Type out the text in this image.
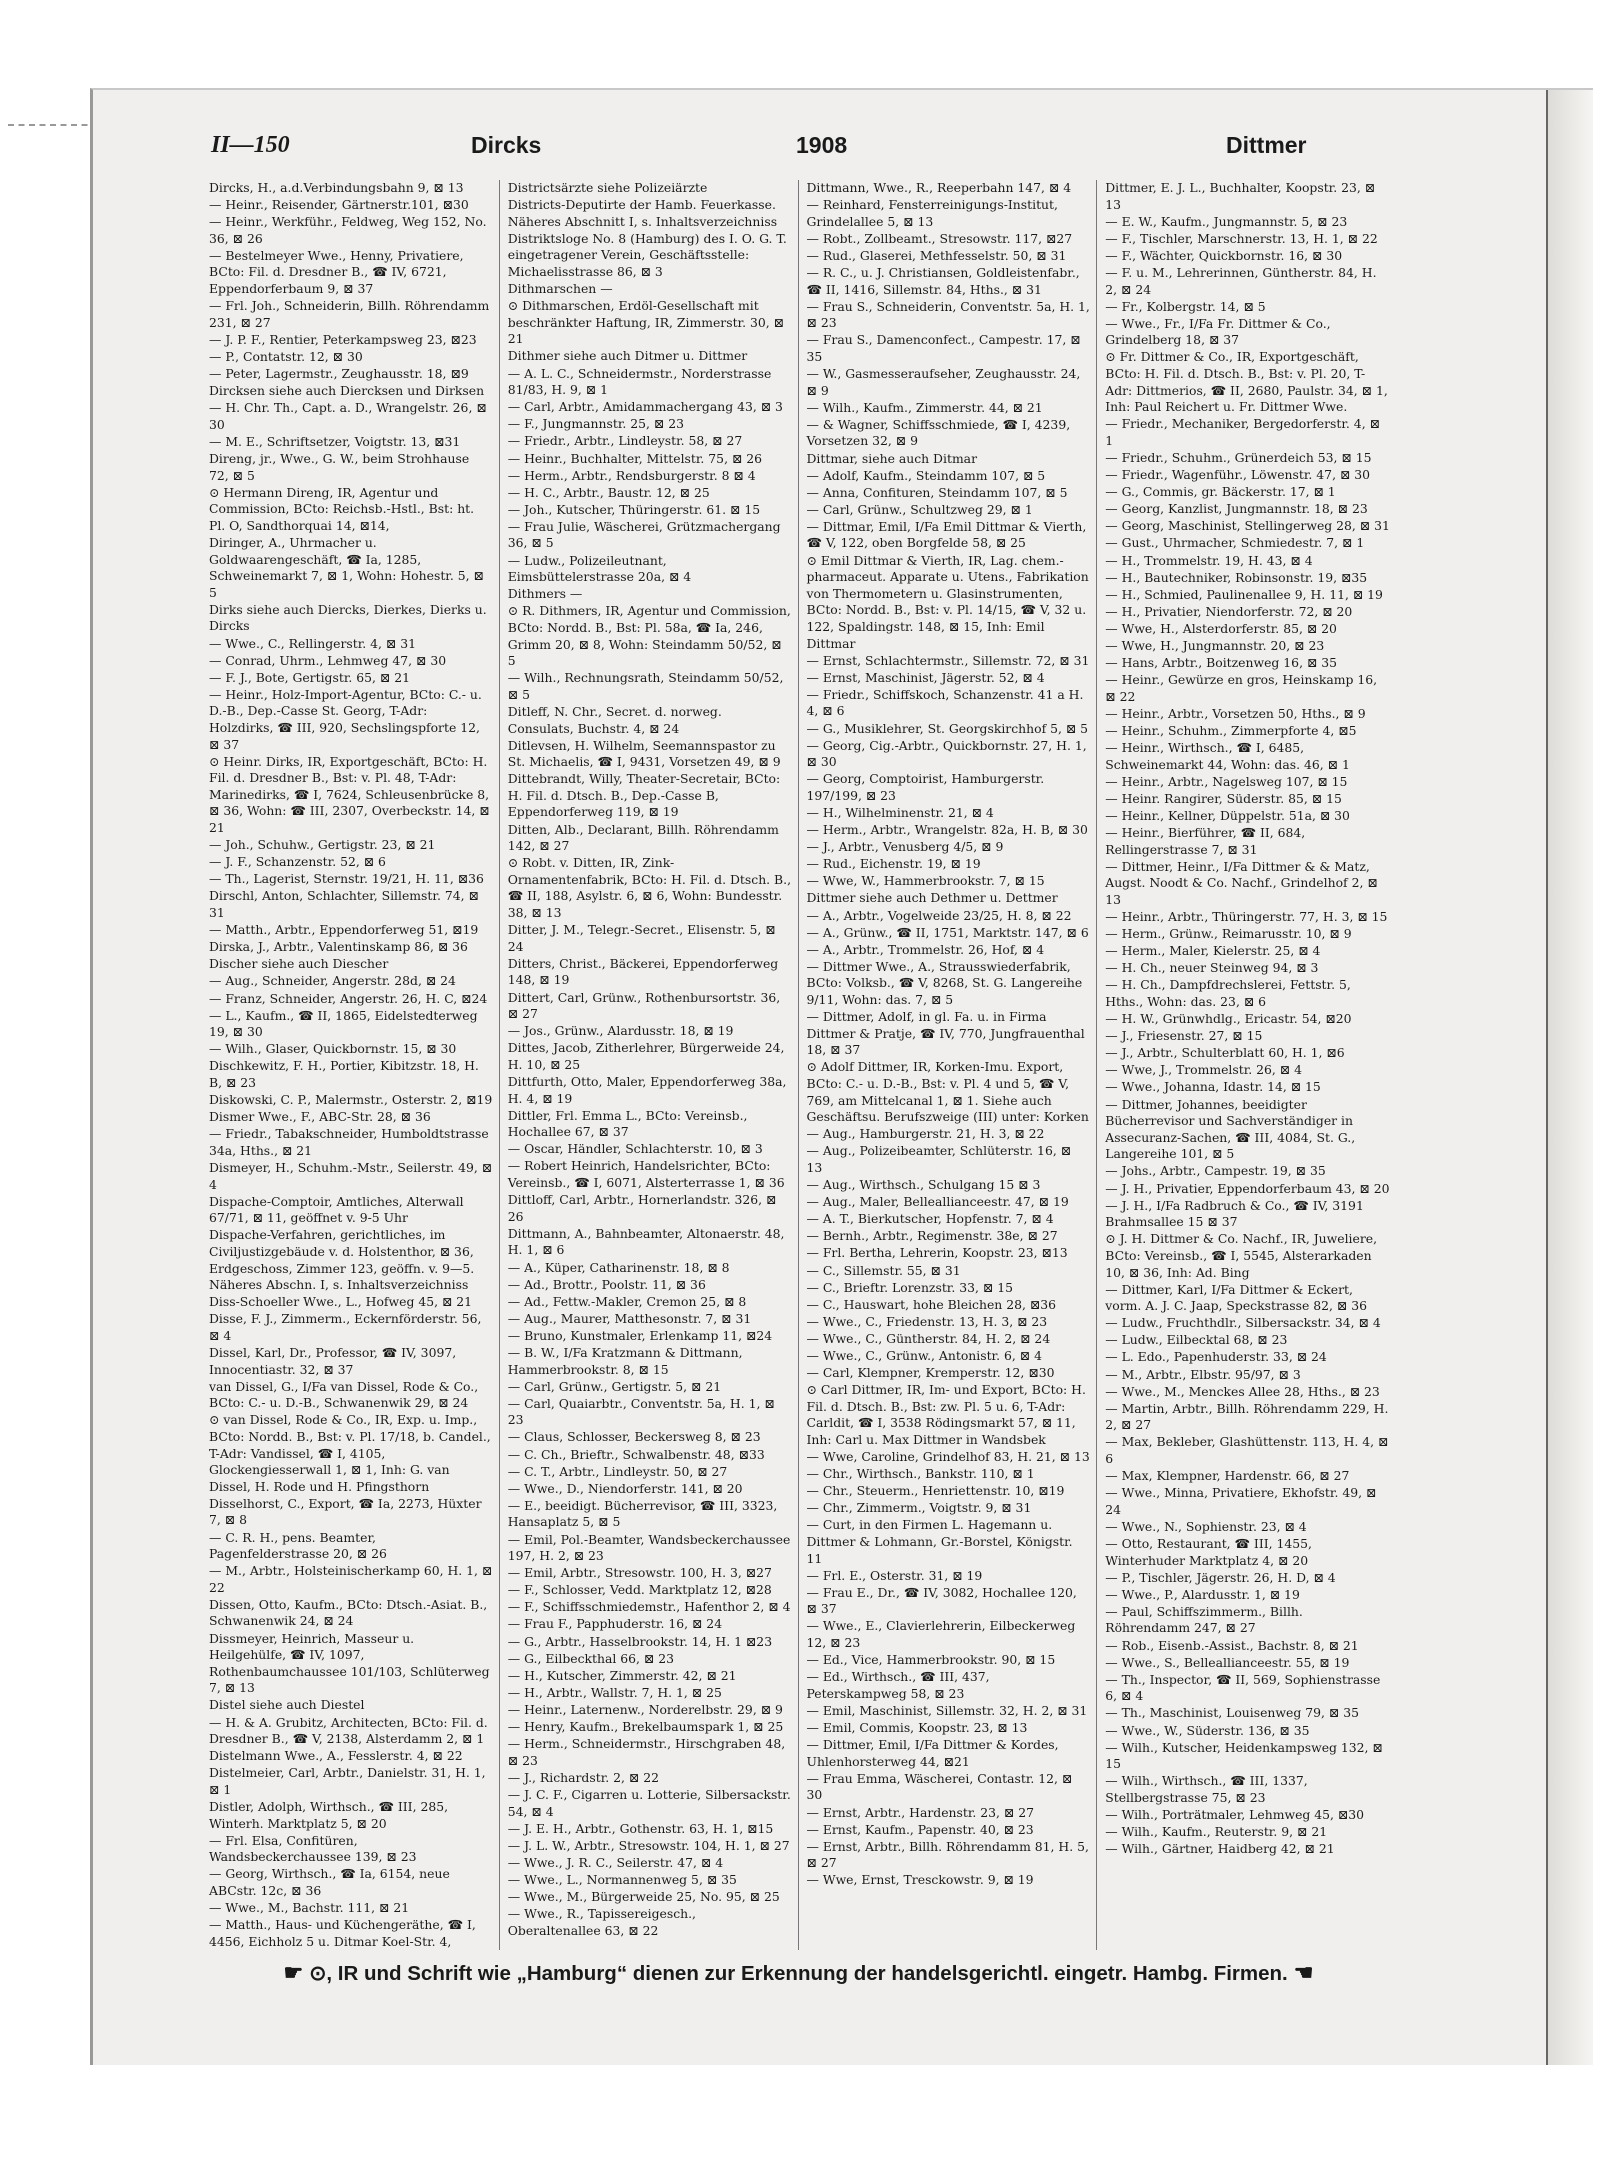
II—150	Dircks	1908	Dittmer
Dircks, H., a.d.Verbindungsbahn 9, ⊠ 13
— Heinr., Reisender, Gärtnerstr.101, ⊠30
— Heinr., Werkführ., Feldweg, Weg 152, No. 36, ⊠ 26
— Bestelmeyer Wwe., Henny, Privatiere, BCto: Fil. d. Dresdner B., ☎ IV, 6721, Eppendorferbaum 9, ⊠ 37
— Frl. Joh., Schneiderin, Billh. Röhrendamm 231, ⊠ 27
— J. P. F., Rentier, Peterkampsweg 23, ⊠23
— P., Contatstr. 12, ⊠ 30
— Peter, Lagermstr., Zeughausstr. 18, ⊠9
Dircksen siehe auch Diercksen und Dirksen
— H. Chr. Th., Capt. a. D., Wrangelstr. 26, ⊠ 30
— M. E., Schriftsetzer, Voigtstr. 13, ⊠31
Direng, jr., Wwe., G. W., beim Strohhause 72, ⊠ 5
⊙ Hermann Direng, IR, Agentur und Commission, BCto: Reichsb.-Hstl., Bst: ht. Pl. O, Sandthorquai 14, ⊠14,
Diringer, A., Uhrmacher u. Goldwaarengeschäft, ☎ Ia, 1285, Schweinemarkt 7, ⊠ 1, Wohn: Hohestr. 5, ⊠ 5
Dirks siehe auch Diercks, Dierkes, Dierks u. Dircks
— Wwe., C., Rellingerstr. 4, ⊠ 31
— Conrad, Uhrm., Lehmweg 47, ⊠ 30
— F. J., Bote, Gertigstr. 65, ⊠ 21
— Heinr., Holz-Import-Agentur, BCto: C.- u. D.-B., Dep.-Casse St. Georg, T-Adr: Holzdirks, ☎ III, 920, Sechslingspforte 12, ⊠ 37
⊙ Heinr. Dirks, IR, Exportgeschäft, BCto: H. Fil. d. Dresdner B., Bst: v. Pl. 48, T-Adr: Marinedirks, ☎ I, 7624, Schleusenbrücke 8, ⊠ 36, Wohn: ☎ III, 2307, Overbeckstr. 14, ⊠ 21
— Joh., Schuhw., Gertigstr. 23, ⊠ 21
— J. F., Schanzenstr. 52, ⊠ 6
— Th., Lagerist, Sternstr. 19/21, H. 11, ⊠36
Dirschl, Anton, Schlachter, Sillemstr. 74, ⊠ 31
— Matth., Arbtr., Eppendorferweg 51, ⊠19
Dirska, J., Arbtr., Valentinskamp 86, ⊠ 36
Discher siehe auch Diescher
— Aug., Schneider, Angerstr. 28d, ⊠ 24
— Franz, Schneider, Angerstr. 26, H. C, ⊠24
— L., Kaufm., ☎ II, 1865, Eidelstedterweg 19, ⊠ 30
— Wilh., Glaser, Quickbornstr. 15, ⊠ 30
Dischkewitz, F. H., Portier, Kibitzstr. 18, H. B, ⊠ 23
Diskowski, C. P., Malermstr., Osterstr. 2, ⊠19
Dismer Wwe., F., ABC-Str. 28, ⊠ 36
— Friedr., Tabakschneider, Humboldtstrasse 34a, Hths., ⊠ 21
Dismeyer, H., Schuhm.-Mstr., Seilerstr. 49, ⊠ 4
Dispache-Comptoir, Amtliches, Alterwall 67/71, ⊠ 11, geöffnet v. 9-5 Uhr
Dispache-Verfahren, gerichtliches, im Civiljustizgebäude v. d. Holstenthor, ⊠ 36, Erdgeschoss, Zimmer 123, geöffn. v. 9—5. Näheres Abschn. I, s. Inhaltsverzeichniss
Diss-Schoeller Wwe., L., Hofweg 45, ⊠ 21
Disse, F. J., Zimmerm., Eckernförderstr. 56, ⊠ 4
Dissel, Karl, Dr., Professor, ☎ IV, 3097, Innocentiastr. 32, ⊠ 37
van Dissel, G., I/Fa van Dissel, Rode & Co., BCto: C.- u. D.-B., Schwanenwik 29, ⊠ 24
⊙ van Dissel, Rode & Co., IR, Exp. u. Imp., BCto: Nordd. B., Bst: v. Pl. 17/18, b. Candel., T-Adr: Vandissel, ☎ I, 4105, Glockengiesserwall 1, ⊠ 1, Inh: G. van Dissel, H. Rode und H. Pfingsthorn
Disselhorst, C., Export, ☎ Ia, 2273, Hüxter 7, ⊠ 8
— C. R. H., pens. Beamter, Pagenfelderstrasse 20, ⊠ 26
— M., Arbtr., Holsteinischerkamp 60, H. 1, ⊠ 22
Dissen, Otto, Kaufm., BCto: Dtsch.-Asiat. B., Schwanenwik 24, ⊠ 24
Dissmeyer, Heinrich, Masseur u. Heilgehülfe, ☎ IV, 1097, Rothenbaumchaussee 101/103, Schlüterweg 7, ⊠ 13
Distel siehe auch Diestel
— H. & A. Grubitz, Architecten, BCto: Fil. d. Dresdner B., ☎ V, 2138, Alsterdamm 2, ⊠ 1
Distelmann Wwe., A., Fesslerstr. 4, ⊠ 22
Distelmeier, Carl, Arbtr., Danielstr. 31, H. 1, ⊠ 1
Distler, Adolph, Wirthsch., ☎ III, 285, Winterh. Marktplatz 5, ⊠ 20
— Frl. Elsa, Confitüren, Wandsbeckerchaussee 139, ⊠ 23
— Georg, Wirthsch., ☎ Ia, 6154, neue ABCstr. 12c, ⊠ 36
— Wwe., M., Bachstr. 111, ⊠ 21
— Matth., Haus- und Küchengeräthe, ☎ I, 4456, Eichholz 5 u. Ditmar Koel-Str. 4,
Districtsärzte siehe Polizeiärzte
Districts-Deputirte der Hamb. Feuerkasse. Näheres Abschnitt I, s. Inhaltsverzeichniss
Distriktsloge No. 8 (Hamburg) des I. O. G. T. eingetragener Verein, Geschäftsstelle: Michaelisstrasse 86, ⊠ 3
Dithmarschen —
⊙ Dithmarschen, Erdöl-Gesellschaft mit beschränkter Haftung, IR, Zimmerstr. 30, ⊠ 21
Dithmer siehe auch Ditmer u. Dittmer
— A. L. C., Schneidermstr., Norderstrasse 81/83, H. 9, ⊠ 1
— Carl, Arbtr., Amidammachergang 43, ⊠ 3
— F., Jungmannstr. 25, ⊠ 23
— Friedr., Arbtr., Lindleystr. 58, ⊠ 27
— Heinr., Buchhalter, Mittelstr. 75, ⊠ 26
— Herm., Arbtr., Rendsburgerstr. 8 ⊠ 4
— H. C., Arbtr., Baustr. 12, ⊠ 25
— Joh., Kutscher, Thüringerstr. 61. ⊠ 15
— Frau Julie, Wäscherei, Grützmachergang 36, ⊠ 5
— Ludw., Polizeileutnant, Eimsbüttelerstrasse 20a, ⊠ 4
Dithmers —
⊙ R. Dithmers, IR, Agentur und Commission, BCto: Nordd. B., Bst: Pl. 58a, ☎ Ia, 246, Grimm 20, ⊠ 8, Wohn: Steindamm 50/52, ⊠ 5
— Wilh., Rechnungsrath, Steindamm 50/52, ⊠ 5
Ditleff, N. Chr., Secret. d. norweg. Consulats, Buchstr. 4, ⊠ 24
Ditlevsen, H. Wilhelm, Seemannspastor zu St. Michaelis, ☎ I, 9431, Vorsetzen 49, ⊠ 9
Dittebrandt, Willy, Theater-Secretair, BCto: H. Fil. d. Dtsch. B., Dep.-Casse B, Eppendorferweg 119, ⊠ 19
Ditten, Alb., Declarant, Billh. Röhrendamm 142, ⊠ 27
⊙ Robt. v. Ditten, IR, Zink-Ornamentenfabrik, BCto: H. Fil. d. Dtsch. B., ☎ II, 188, Asylstr. 6, ⊠ 6, Wohn: Bundesstr. 38, ⊠ 13
Ditter, J. M., Telegr.-Secret., Elisenstr. 5, ⊠ 24
Ditters, Christ., Bäckerei, Eppendorferweg 148, ⊠ 19
Dittert, Carl, Grünw., Rothenbursortstr. 36, ⊠ 27
— Jos., Grünw., Alardusstr. 18, ⊠ 19
Dittes, Jacob, Zitherlehrer, Bürgerweide 24, H. 10, ⊠ 25
Dittfurth, Otto, Maler, Eppendorferweg 38a, H. 4, ⊠ 19
Dittler, Frl. Emma L., BCto: Vereinsb., Hochallee 67, ⊠ 37
— Oscar, Händler, Schlachterstr. 10, ⊠ 3
— Robert Heinrich, Handelsrichter, BCto: Vereinsb., ☎ I, 6071, Alsterterrasse 1, ⊠ 36
Dittloff, Carl, Arbtr., Hornerlandstr. 326, ⊠ 26
Dittmann, A., Bahnbeamter, Altonaerstr. 48, H. 1, ⊠ 6
— A., Küper, Catharinenstr. 18, ⊠ 8
— Ad., Brottr., Poolstr. 11, ⊠ 36
— Ad., Fettw.-Makler, Cremon 25, ⊠ 8
— Aug., Maurer, Matthesonstr. 7, ⊠ 31
— Bruno, Kunstmaler, Erlenkamp 11, ⊠24
— B. W., I/Fa Kratzmann & Dittmann, Hammerbrookstr. 8, ⊠ 15
— Carl, Grünw., Gertigstr. 5, ⊠ 21
— Carl, Quaiarbtr., Conventstr. 5a, H. 1, ⊠ 23
— Claus, Schlosser, Beckersweg 8, ⊠ 23
— C. Ch., Brieftr., Schwalbenstr. 48, ⊠33
— C. T., Arbtr., Lindleystr. 50, ⊠ 27
— Wwe., D., Niendorferstr. 141, ⊠ 20
— E., beeidigt. Bücherrevisor, ☎ III, 3323, Hansaplatz 5, ⊠ 5
— Emil, Pol.-Beamter, Wandsbeckerchaussee 197, H. 2, ⊠ 23
— Emil, Arbtr., Stresowstr. 100, H. 3, ⊠27
— F., Schlosser, Vedd. Marktplatz 12, ⊠28
— F., Schiffsschmiedemstr., Hafenthor 2, ⊠ 4
— Frau F., Papphuderstr. 16, ⊠ 24
— G., Arbtr., Hasselbrookstr. 14, H. 1 ⊠23
— G., Eilbeckthal 66, ⊠ 23
— H., Kutscher, Zimmerstr. 42, ⊠ 21
— H., Arbtr., Wallstr. 7, H. 1, ⊠ 25
— Heinr., Laternenw., Norderelbstr. 29, ⊠ 9
— Henry, Kaufm., Brekelbaumspark 1, ⊠ 25
— Herm., Schneidermstr., Hirschgraben 48, ⊠ 23
— J., Richardstr. 2, ⊠ 22
— J. C. F., Cigarren u. Lotterie, Silbersackstr. 54, ⊠ 4
— J. E. H., Arbtr., Gothenstr. 63, H. 1, ⊠15
— J. L. W., Arbtr., Stresowstr. 104, H. 1, ⊠ 27
— Wwe., J. R. C., Seilerstr. 47, ⊠ 4
— Wwe., L., Normannenweg 5, ⊠ 35
— Wwe., M., Bürgerweide 25, No. 95, ⊠ 25
— Wwe., R., Tapissereigesch., Oberaltenallee 63, ⊠ 22
Dittmann, Wwe., R., Reeperbahn 147, ⊠ 4
— Reinhard, Fensterreinigungs-Institut, Grindelallee 5, ⊠ 13
— Robt., Zollbeamt., Stresowstr. 117, ⊠27
— Rud., Glaserei, Methfesselstr. 50, ⊠ 31
— R. C., u. J. Christiansen, Goldleistenfabr., ☎ II, 1416, Sillemstr. 84, Hths., ⊠ 31
— Frau S., Schneiderin, Conventstr. 5a, H. 1, ⊠ 23
— Frau S., Damenconfect., Campestr. 17, ⊠ 35
— W., Gasmesseraufseher, Zeughausstr. 24, ⊠ 9
— Wilh., Kaufm., Zimmerstr. 44, ⊠ 21
— & Wagner, Schiffsschmiede, ☎ I, 4239, Vorsetzen 32, ⊠ 9
Dittmar, siehe auch Ditmar
— Adolf, Kaufm., Steindamm 107, ⊠ 5
— Anna, Confituren, Steindamm 107, ⊠ 5
— Carl, Grünw., Schultzweg 29, ⊠ 1
— Dittmar, Emil, I/Fa Emil Dittmar & Vierth, ☎ V, 122, oben Borgfelde 58, ⊠ 25
⊙ Emil Dittmar & Vierth, IR, Lag. chem.-pharmaceut. Apparate u. Utens., Fabrikation von Thermometern u. Glasinstrumenten, BCto: Nordd. B., Bst: v. Pl. 14/15, ☎ V, 32 u. 122, Spaldingstr. 148, ⊠ 15, Inh: Emil Dittmar
— Ernst, Schlachtermstr., Sillemstr. 72, ⊠ 31
— Ernst, Maschinist, Jägerstr. 52, ⊠ 4
— Friedr., Schiffskoch, Schanzenstr. 41 a H. 4, ⊠ 6
— G., Musiklehrer, St. Georgskirchhof 5, ⊠ 5
— Georg, Cig.-Arbtr., Quickbornstr. 27, H. 1, ⊠ 30
— Georg, Comptoirist, Hamburgerstr. 197/199, ⊠ 23
— H., Wilhelminenstr. 21, ⊠ 4
— Herm., Arbtr., Wrangelstr. 82a, H. B, ⊠ 30
— J., Arbtr., Venusberg 4/5, ⊠ 9
— Rud., Eichenstr. 19, ⊠ 19
— Wwe, W., Hammerbrookstr. 7, ⊠ 15
Dittmer siehe auch Dethmer u. Dettmer
— A., Arbtr., Vogelweide 23/25, H. 8, ⊠ 22
— A., Grünw., ☎ II, 1751, Marktstr. 147, ⊠ 6
— A., Arbtr., Trommelstr. 26, Hof, ⊠ 4
— Dittmer Wwe., A., Strausswiederfabrik, BCto: Volksb., ☎ V, 8268, St. G. Langereihe 9/11, Wohn: das. 7, ⊠ 5
— Dittmer, Adolf, in gl. Fa. u. in Firma Dittmer & Pratje, ☎ IV, 770, Jungfrauenthal 18, ⊠ 37
⊙ Adolf Dittmer, IR, Korken-Imu. Export, BCto: C.- u. D.-B., Bst: v. Pl. 4 und 5, ☎ V, 769, am Mittelcanal 1, ⊠ 1. Siehe auch Geschäftsu. Berufszweige (III) unter: Korken
— Aug., Hamburgerstr. 21, H. 3, ⊠ 22
— Aug., Polizeibeamter, Schlüterstr. 16, ⊠ 13
— Aug., Wirthsch., Schulgang 15 ⊠ 3
— Aug., Maler, Belleallianceestr. 47, ⊠ 19
— A. T., Bierkutscher, Hopfenstr. 7, ⊠ 4
— Bernh., Arbtr., Regimenstr. 38e, ⊠ 27
— Frl. Bertha, Lehrerin, Koopstr. 23, ⊠13
— C., Sillemstr. 55, ⊠ 31
— C., Brieftr. Lorenzstr. 33, ⊠ 15
— C., Hauswart, hohe Bleichen 28, ⊠36
— Wwe., C., Friedenstr. 13, H. 3, ⊠ 23
— Wwe., C., Güntherstr. 84, H. 2, ⊠ 24
— Wwe., C., Grünw., Antonistr. 6, ⊠ 4
— Carl, Klempner, Kremperstr. 12, ⊠30
⊙ Carl Dittmer, IR, Im- und Export, BCto: H. Fil. d. Dtsch. B., Bst: zw. Pl. 5 u. 6, T-Adr: Carldit, ☎ I, 3538 Rödingsmarkt 57, ⊠ 11, Inh: Carl u. Max Dittmer in Wandsbek
— Wwe, Caroline, Grindelhof 83, H. 21, ⊠ 13
— Chr., Wirthsch., Bankstr. 110, ⊠ 1
— Chr., Steuerm., Henriettenstr. 10, ⊠19
— Chr., Zimmerm., Voigtstr. 9, ⊠ 31
— Curt, in den Firmen L. Hagemann u. Dittmer & Lohmann, Gr.-Borstel, Königstr. 11
— Frl. E., Osterstr. 31, ⊠ 19
— Frau E., Dr., ☎ IV, 3082, Hochallee 120, ⊠ 37
— Wwe., E., Clavierlehrerin, Eilbeckerweg 12, ⊠ 23
— Ed., Vice, Hammerbrookstr. 90, ⊠ 15
— Ed., Wirthsch., ☎ III, 437, Peterskampweg 58, ⊠ 23
— Emil, Maschinist, Sillemstr. 32, H. 2, ⊠ 31
— Emil, Commis, Koopstr. 23, ⊠ 13
— Dittmer, Emil, I/Fa Dittmer & Kordes, Uhlenhorsterweg 44, ⊠21
— Frau Emma, Wäscherei, Contastr. 12, ⊠ 30
— Ernst, Arbtr., Hardenstr. 23, ⊠ 27
— Ernst, Kaufm., Papenstr. 40, ⊠ 23
— Ernst, Arbtr., Billh. Röhrendamm 81, H. 5, ⊠ 27
— Wwe, Ernst, Tresckowstr. 9, ⊠ 19
Dittmer, E. J. L., Buchhalter, Koopstr. 23, ⊠ 13
— E. W., Kaufm., Jungmannstr. 5, ⊠ 23
— F., Tischler, Marschnerstr. 13, H. 1, ⊠ 22
— F., Wächter, Quickbornstr. 16, ⊠ 30
— F. u. M., Lehrerinnen, Güntherstr. 84, H. 2, ⊠ 24
— Fr., Kolbergstr. 14, ⊠ 5
— Wwe., Fr., I/Fa Fr. Dittmer & Co., Grindelberg 18, ⊠ 37
⊙ Fr. Dittmer & Co., IR, Exportgeschäft, BCto: H. Fil. d. Dtsch. B., Bst: v. Pl. 20, T-Adr: Dittmerios, ☎ II, 2680, Paulstr. 34, ⊠ 1, Inh: Paul Reichert u. Fr. Dittmer Wwe.
— Friedr., Mechaniker, Bergedorferstr. 4, ⊠ 1
— Friedr., Schuhm., Grünerdeich 53, ⊠ 15
— Friedr., Wagenführ., Löwenstr. 47, ⊠ 30
— G., Commis, gr. Bäckerstr. 17, ⊠ 1
— Georg, Kanzlist, Jungmannstr. 18, ⊠ 23
— Georg, Maschinist, Stellingerweg 28, ⊠ 31
— Gust., Uhrmacher, Schmiedestr. 7, ⊠ 1
— H., Trommelstr. 19, H. 43, ⊠ 4
— H., Bautechniker, Robinsonstr. 19, ⊠35
— H., Schmied, Paulinenallee 9, H. 11, ⊠ 19
— H., Privatier, Niendorferstr. 72, ⊠ 20
— Wwe, H., Alsterdorferstr. 85, ⊠ 20
— Wwe, H., Jungmannstr. 20, ⊠ 23
— Hans, Arbtr., Boitzenweg 16, ⊠ 35
— Heinr., Gewürze en gros, Heinskamp 16, ⊠ 22
— Heinr., Arbtr., Vorsetzen 50, Hths., ⊠ 9
— Heinr., Schuhm., Zimmerpforte 4, ⊠5
— Heinr., Wirthsch., ☎ I, 6485, Schweinemarkt 44, Wohn: das. 46, ⊠ 1
— Heinr., Arbtr., Nagelsweg 107, ⊠ 15
— Heinr. Rangirer, Süderstr. 85, ⊠ 15
— Heinr., Kellner, Düppelstr. 51a, ⊠ 30
— Heinr., Bierführer, ☎ II, 684, Rellingerstrasse 7, ⊠ 31
— Dittmer, Heinr., I/Fa Dittmer & & Matz, Augst. Noodt & Co. Nachf., Grindelhof 2, ⊠ 13
— Heinr., Arbtr., Thüringerstr. 77, H. 3, ⊠ 15
— Herm., Grünw., Reimarusstr. 10, ⊠ 9
— Herm., Maler, Kielerstr. 25, ⊠ 4
— H. Ch., neuer Steinweg 94, ⊠ 3
— H. Ch., Dampfdrechslerei, Fettstr. 5, Hths., Wohn: das. 23, ⊠ 6
— H. W., Grünwhdlg., Ericastr. 54, ⊠20
— J., Friesenstr. 27, ⊠ 15
— J., Arbtr., Schulterblatt 60, H. 1, ⊠6
— Wwe, J., Trommelstr. 26, ⊠ 4
— Wwe., Johanna, Idastr. 14, ⊠ 15
— Dittmer, Johannes, beeidigter Bücherrevisor und Sachverständiger in Assecuranz-Sachen, ☎ III, 4084, St. G., Langereihe 101, ⊠ 5
— Johs., Arbtr., Campestr. 19, ⊠ 35
— J. H., Privatier, Eppendorferbaum 43, ⊠ 20
— J. H., I/Fa Radbruch & Co., ☎ IV, 3191 Brahmsallee 15 ⊠ 37
⊙ J. H. Dittmer & Co. Nachf., IR, Juweliere, BCto: Vereinsb., ☎ I, 5545, Alsterarkaden 10, ⊠ 36, Inh: Ad. Bing
— Dittmer, Karl, I/Fa Dittmer & Eckert, vorm. A. J. C. Jaap, Speckstrasse 82, ⊠ 36
— Ludw., Fruchthdlr., Silbersackstr. 34, ⊠ 4
— Ludw., Eilbecktal 68, ⊠ 23
— L. Edo., Papenhuderstr. 33, ⊠ 24
— M., Arbtr., Elbstr. 95/97, ⊠ 3
— Wwe., M., Menckes Allee 28, Hths., ⊠ 23
— Martin, Arbtr., Billh. Röhrendamm 229, H. 2, ⊠ 27
— Max, Bekleber, Glashüttenstr. 113, H. 4, ⊠ 6
— Max, Klempner, Hardenstr. 66, ⊠ 27
— Wwe., Minna, Privatiere, Ekhofstr. 49, ⊠ 24
— Wwe., N., Sophienstr. 23, ⊠ 4
— Otto, Restaurant, ☎ III, 1455, Winterhuder Marktplatz 4, ⊠ 20
— P., Tischler, Jägerstr. 26, H. D, ⊠ 4
— Wwe., P., Alardusstr. 1, ⊠ 19
— Paul, Schiffszimmerm., Billh. Röhrendamm 247, ⊠ 27
— Rob., Eisenb.-Assist., Bachstr. 8, ⊠ 21
— Wwe., S., Belleallianceestr. 55, ⊠ 19
— Th., Inspector, ☎ II, 569, Sophienstrasse 6, ⊠ 4
— Th., Maschinist, Louisenweg 79, ⊠ 35
— Wwe., W., Süderstr. 136, ⊠ 35
— Wilh., Kutscher, Heidenkampsweg 132, ⊠ 15
— Wilh., Wirthsch., ☎ III, 1337, Stellbergstrasse 75, ⊠ 23
— Wilh., Porträtmaler, Lehmweg 45, ⊠30
— Wilh., Kaufm., Reuterstr. 9, ⊠ 21
— Wilh., Gärtner, Haidberg 42, ⊠ 21
☛ ⊙, IR und Schrift wie „Hamburg“ dienen zur Erkennung der handelsgerichtl. eingetr. Hambg. Firmen. ☚
